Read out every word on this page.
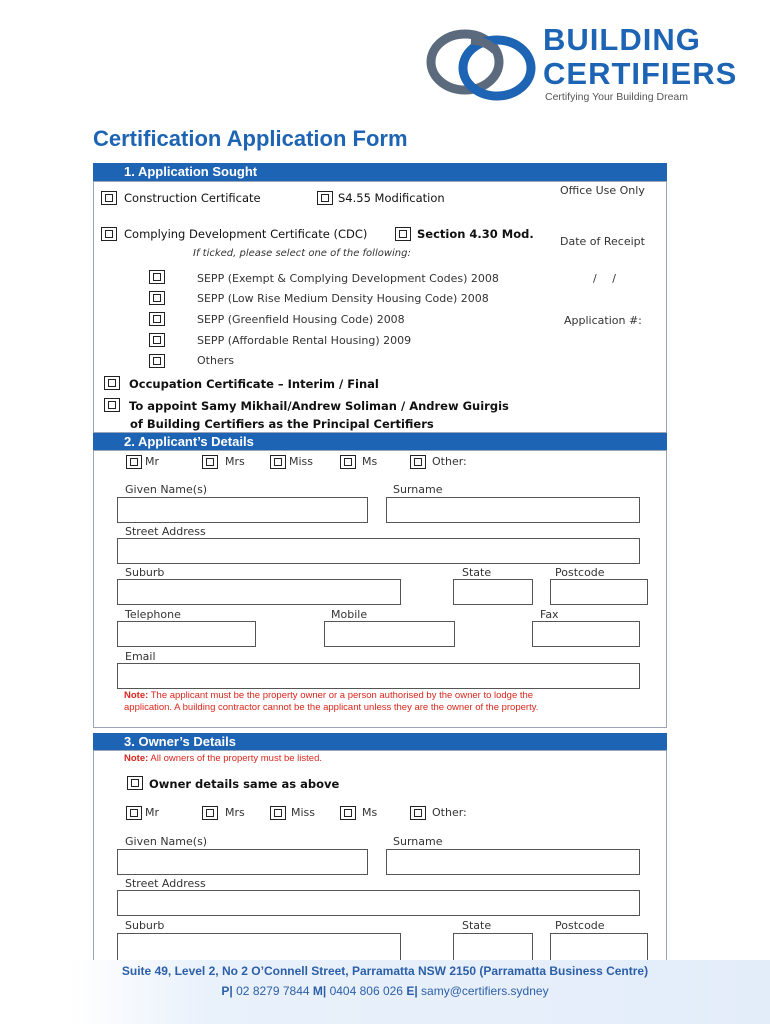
BUILDING
CERTIFIERS
Certifying Your Building Dream
Certification Application Form
1. Application Sought
Construction Certificate	S4.55 Modification
Complying Development Certificate (CDC)	Section 4.30 Mod.
If ticked, please select one of the following:
SEPP (Exempt & Complying Development Codes) 2008
SEPP (Low Rise Medium Density Housing Code) 2008
SEPP (Greenfield Housing Code) 2008
SEPP (Affordable Rental Housing) 2009
Others
Occupation Certificate – Interim / Final
To appoint Samy Mikhail/Andrew Soliman / Andrew Guirgis
of Building Certifiers as the Principal Certifiers
Office Use Only
Date of Receipt
/ /
Application #:
2. Applicant’s Details
Mr	Mrs	Miss	Ms	Other:
Given Name(s)	Surname
Street Address
Suburb	State	Postcode
Telephone	Mobile	Fax
Email
Note: The applicant must be the property owner or a person authorised by the owner to lodge the
application. A building contractor cannot be the applicant unless they are the owner of the property.
3. Owner’s Details
Note: All owners of the property must be listed.
Owner details same as above
Mr	Mrs	Miss	Ms	Other:
Given Name(s)	Surname
Street Address
Suburb	State	Postcode
Suite 49, Level 2, No 2 O’Connell Street, Parramatta NSW 2150 (Parramatta Business Centre)
P| 02 8279 7844 M| 0404 806 026 E| samy@certifiers.sydney
